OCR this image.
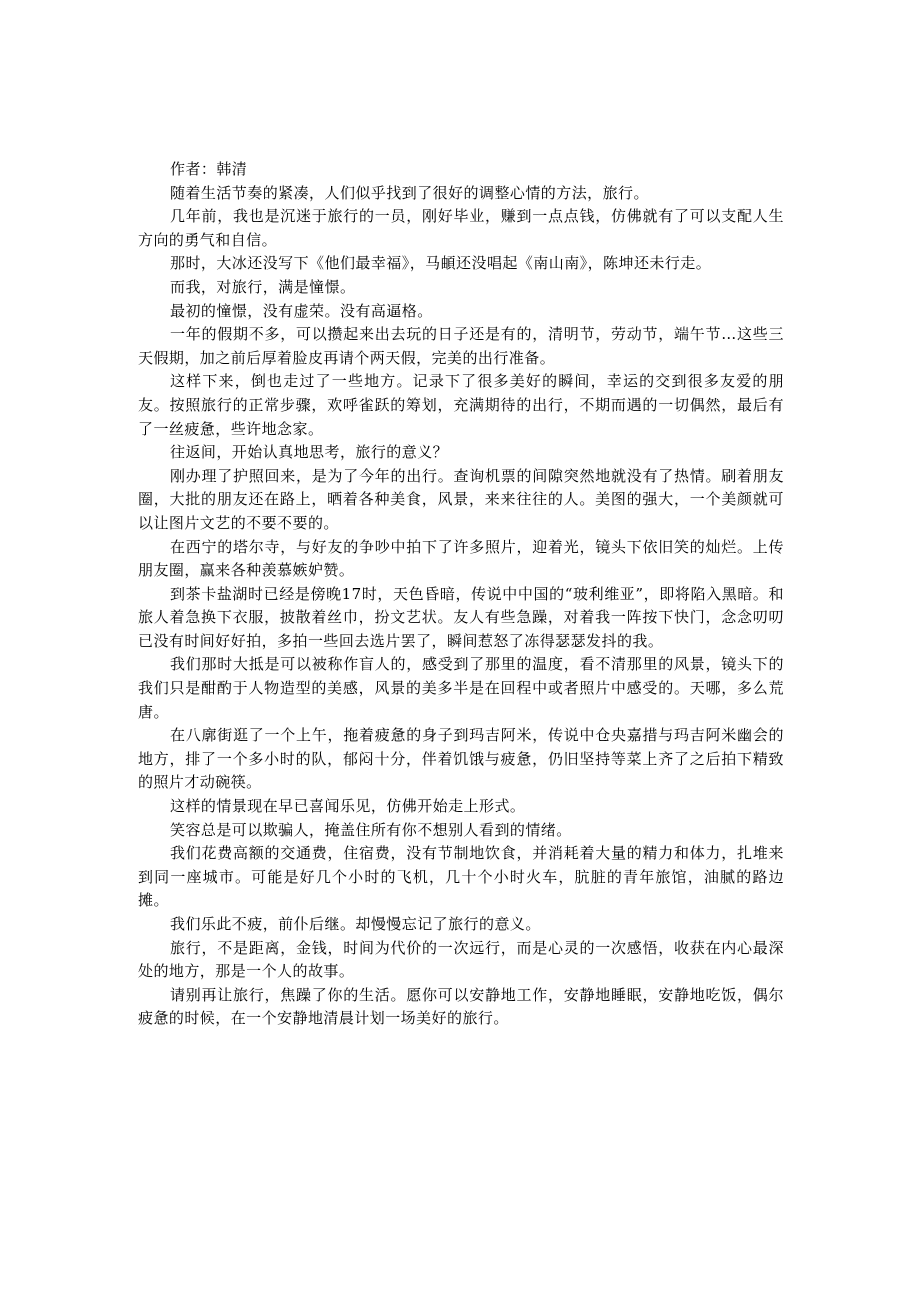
作者：韩清

随着生活节奏的紧凑，人们似乎找到了很好的调整心情的方法，旅行。

几年前，我也是沉迷于旅行的一员，刚好毕业，赚到一点点钱，仿佛就有了可以支配人生方向的勇气和自信。

那时，大冰还没写下《他们最幸福》，马頔还没唱起《南山南》，陈坤还未行走。

而我，对旅行，满是憧憬。

最初的憧憬，没有虚荣。没有高逼格。

一年的假期不多，可以攒起来出去玩的日子还是有的，清明节，劳动节，端午节…这些三天假期，加之前后厚着脸皮再请个两天假，完美的出行准备。

这样下来，倒也走过了一些地方。记录下了很多美好的瞬间，幸运的交到很多友爱的朋友。按照旅行的正常步骤，欢呼雀跃的筹划，充满期待的出行，不期而遇的一切偶然，最后有了一丝疲惫，些许地念家。

往返间，开始认真地思考，旅行的意义？

刚办理了护照回来，是为了今年的出行。查询机票的间隙突然地就没有了热情。刷着朋友圈，大批的朋友还在路上，晒着各种美食，风景，来来往往的人。美图的强大，一个美颜就可以让图片文艺的不要不要的。

在西宁的塔尔寺，与好友的争吵中拍下了许多照片，迎着光，镜头下依旧笑的灿烂。上传朋友圈，赢来各种羡慕嫉妒赞。

到茶卡盐湖时已经是傍晚17时，天色昏暗，传说中中国的“玻利维亚”，即将陷入黑暗。和旅人着急换下衣服，披散着丝巾，扮文艺状。友人有些急躁，对着我一阵按下快门，念念叨叨已没有时间好好拍，多拍一些回去选片罢了，瞬间惹怒了冻得瑟瑟发抖的我。

我们那时大抵是可以被称作盲人的，感受到了那里的温度，看不清那里的风景，镜头下的我们只是酣酌于人物造型的美感，风景的美多半是在回程中或者照片中感受的。天哪，多么荒唐。

在八廓街逛了一个上午，拖着疲惫的身子到玛吉阿米，传说中仓央嘉措与玛吉阿米幽会的地方，排了一个多小时的队，郁闷十分，伴着饥饿与疲惫，仍旧坚持等菜上齐了之后拍下精致的照片才动碗筷。

这样的情景现在早已喜闻乐见，仿佛开始走上形式。

笑容总是可以欺骗人，掩盖住所有你不想别人看到的情绪。

我们花费高额的交通费，住宿费，没有节制地饮食，并消耗着大量的精力和体力，扎堆来到同一座城市。可能是好几个小时的飞机，几十个小时火车，肮脏的青年旅馆，油腻的路边摊。

我们乐此不疲，前仆后继。却慢慢忘记了旅行的意义。

旅行，不是距离，金钱，时间为代价的一次远行，而是心灵的一次感悟，收获在内心最深处的地方，那是一个人的故事。

请别再让旅行，焦躁了你的生活。愿你可以安静地工作，安静地睡眠，安静地吃饭，偶尔疲惫的时候，在一个安静地清晨计划一场美好的旅行。
